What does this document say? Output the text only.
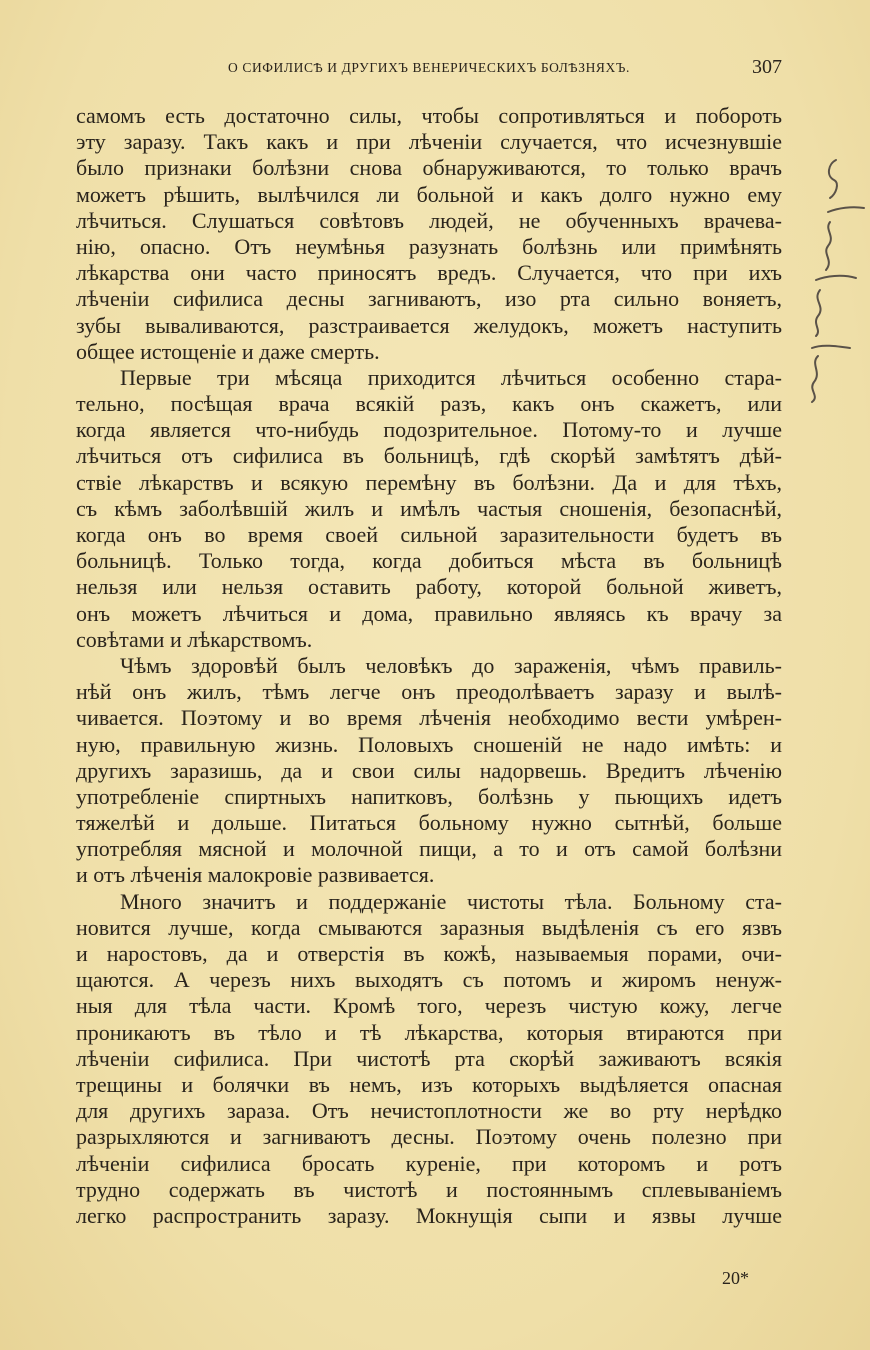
О СИФИЛИСѢ И ДРУГИХЪ ВЕНЕРИЧЕСКИХЪ БОЛѢЗНЯХЪ.	307
самомъ есть достаточно силы, чтобы сопротивляться и побороть
эту заразу. Такъ какъ и при лѣченіи случается, что исчезнувшіе
было признаки болѣзни снова обнаруживаются, то только врачъ
можетъ рѣшить, вылѣчился ли больной и какъ долго нужно ему
лѣчиться. Слушаться совѣтовъ людей, не обученныхъ врачева-
нію, опасно. Отъ неумѣнья разузнать болѣзнь или примѣнять
лѣкарства они часто приносятъ вредъ. Случается, что при ихъ
лѣченіи сифилиса десны загниваютъ, изо рта сильно воняетъ,
зубы вываливаются, разстраивается желудокъ, можетъ наступить
общее истощеніе и даже смерть.
Первые три мѣсяца приходится лѣчиться особенно стара-
тельно, посѣщая врача всякій разъ, какъ онъ скажетъ, или
когда является что-нибудь подозрительное. Потому-то и лучше
лѣчиться отъ сифилиса въ больницѣ, гдѣ скорѣй замѣтятъ дѣй-
ствіе лѣкарствъ и всякую перемѣну въ болѣзни. Да и для тѣхъ,
съ кѣмъ заболѣвшій жилъ и имѣлъ частыя сношенія, безопаснѣй,
когда онъ во время своей сильной заразительности будетъ въ
больницѣ. Только тогда, когда добиться мѣста въ больницѣ
нельзя или нельзя оставить работу, которой больной живетъ,
онъ можетъ лѣчиться и дома, правильно являясь къ врачу за
совѣтами и лѣкарствомъ.
Чѣмъ здоровѣй былъ человѣкъ до зараженія, чѣмъ правиль-
нѣй онъ жилъ, тѣмъ легче онъ преодолѣваетъ заразу и вылѣ-
чивается. Поэтому и во время лѣченія необходимо вести умѣрен-
ную, правильную жизнь. Половыхъ сношеній не надо имѣть: и
другихъ заразишь, да и свои силы надорвешь. Вредитъ лѣченію
употребленіе спиртныхъ напитковъ, болѣзнь у пьющихъ идетъ
тяжелѣй и дольше. Питаться больному нужно сытнѣй, больше
употребляя мясной и молочной пищи, а то и отъ самой болѣзни
и отъ лѣченія малокровіе развивается.
Много значитъ и поддержаніе чистоты тѣла. Больному ста-
новится лучше, когда смываются заразныя выдѣленія съ его язвъ
и наростовъ, да и отверстія въ кожѣ, называемыя порами, очи-
щаются. А черезъ нихъ выходятъ съ потомъ и жиромъ ненуж-
ныя для тѣла части. Кромѣ того, черезъ чистую кожу, легче
проникаютъ въ тѣло и тѣ лѣкарства, которыя втираются при
лѣченіи сифилиса. При чистотѣ рта скорѣй заживаютъ всякія
трещины и болячки въ немъ, изъ которыхъ выдѣляется опасная
для другихъ зараза. Отъ нечистоплотности же во рту нерѣдко
разрыхляются и загниваютъ десны. Поэтому очень полезно при
лѣченіи сифилиса бросать куреніе, при которомъ и ротъ
трудно содержать въ чистотѣ и постояннымъ сплевываніемъ
легко распространить заразу. Мокнущія сыпи и язвы лучше
20*
